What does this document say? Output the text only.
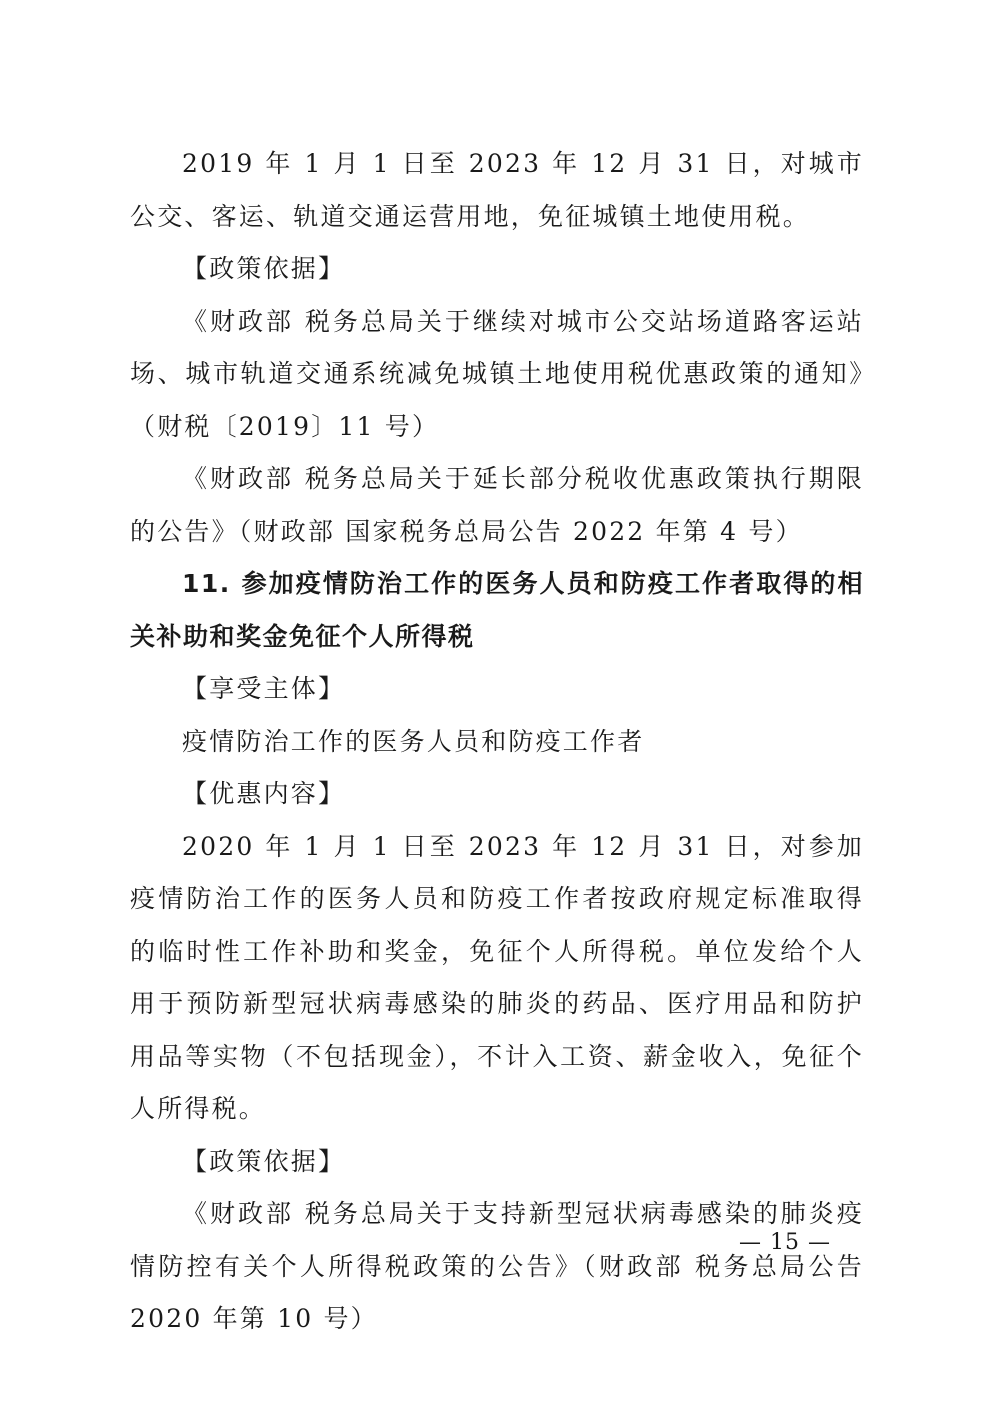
2019 年 1 月 1 日至 2023 年 12 月 31 日，对城市公交、客运、轨道交通运营用地，免征城镇土地使用税。

【政策依据】

《财政部 税务总局关于继续对城市公交站场道路客运站场、城市轨道交通系统减免城镇土地使用税优惠政策的通知》（财税〔2019〕11 号）

《财政部 税务总局关于延长部分税收优惠政策执行期限的公告》（财政部 国家税务总局公告 2022 年第 4 号）

11. 参加疫情防治工作的医务人员和防疫工作者取得的相关补助和奖金免征个人所得税

【享受主体】

疫情防治工作的医务人员和防疫工作者

【优惠内容】

2020 年 1 月 1 日至 2023 年 12 月 31 日，对参加疫情防治工作的医务人员和防疫工作者按政府规定标准取得的临时性工作补助和奖金，免征个人所得税。单位发给个人用于预防新型冠状病毒感染的肺炎的药品、医疗用品和防护用品等实物（不包括现金），不计入工资、薪金收入，免征个人所得税。

【政策依据】

《财政部 税务总局关于支持新型冠状病毒感染的肺炎疫情防控有关个人所得税政策的公告》（财政部 税务总局公告 2020 年第 10 号）

— 15 —
